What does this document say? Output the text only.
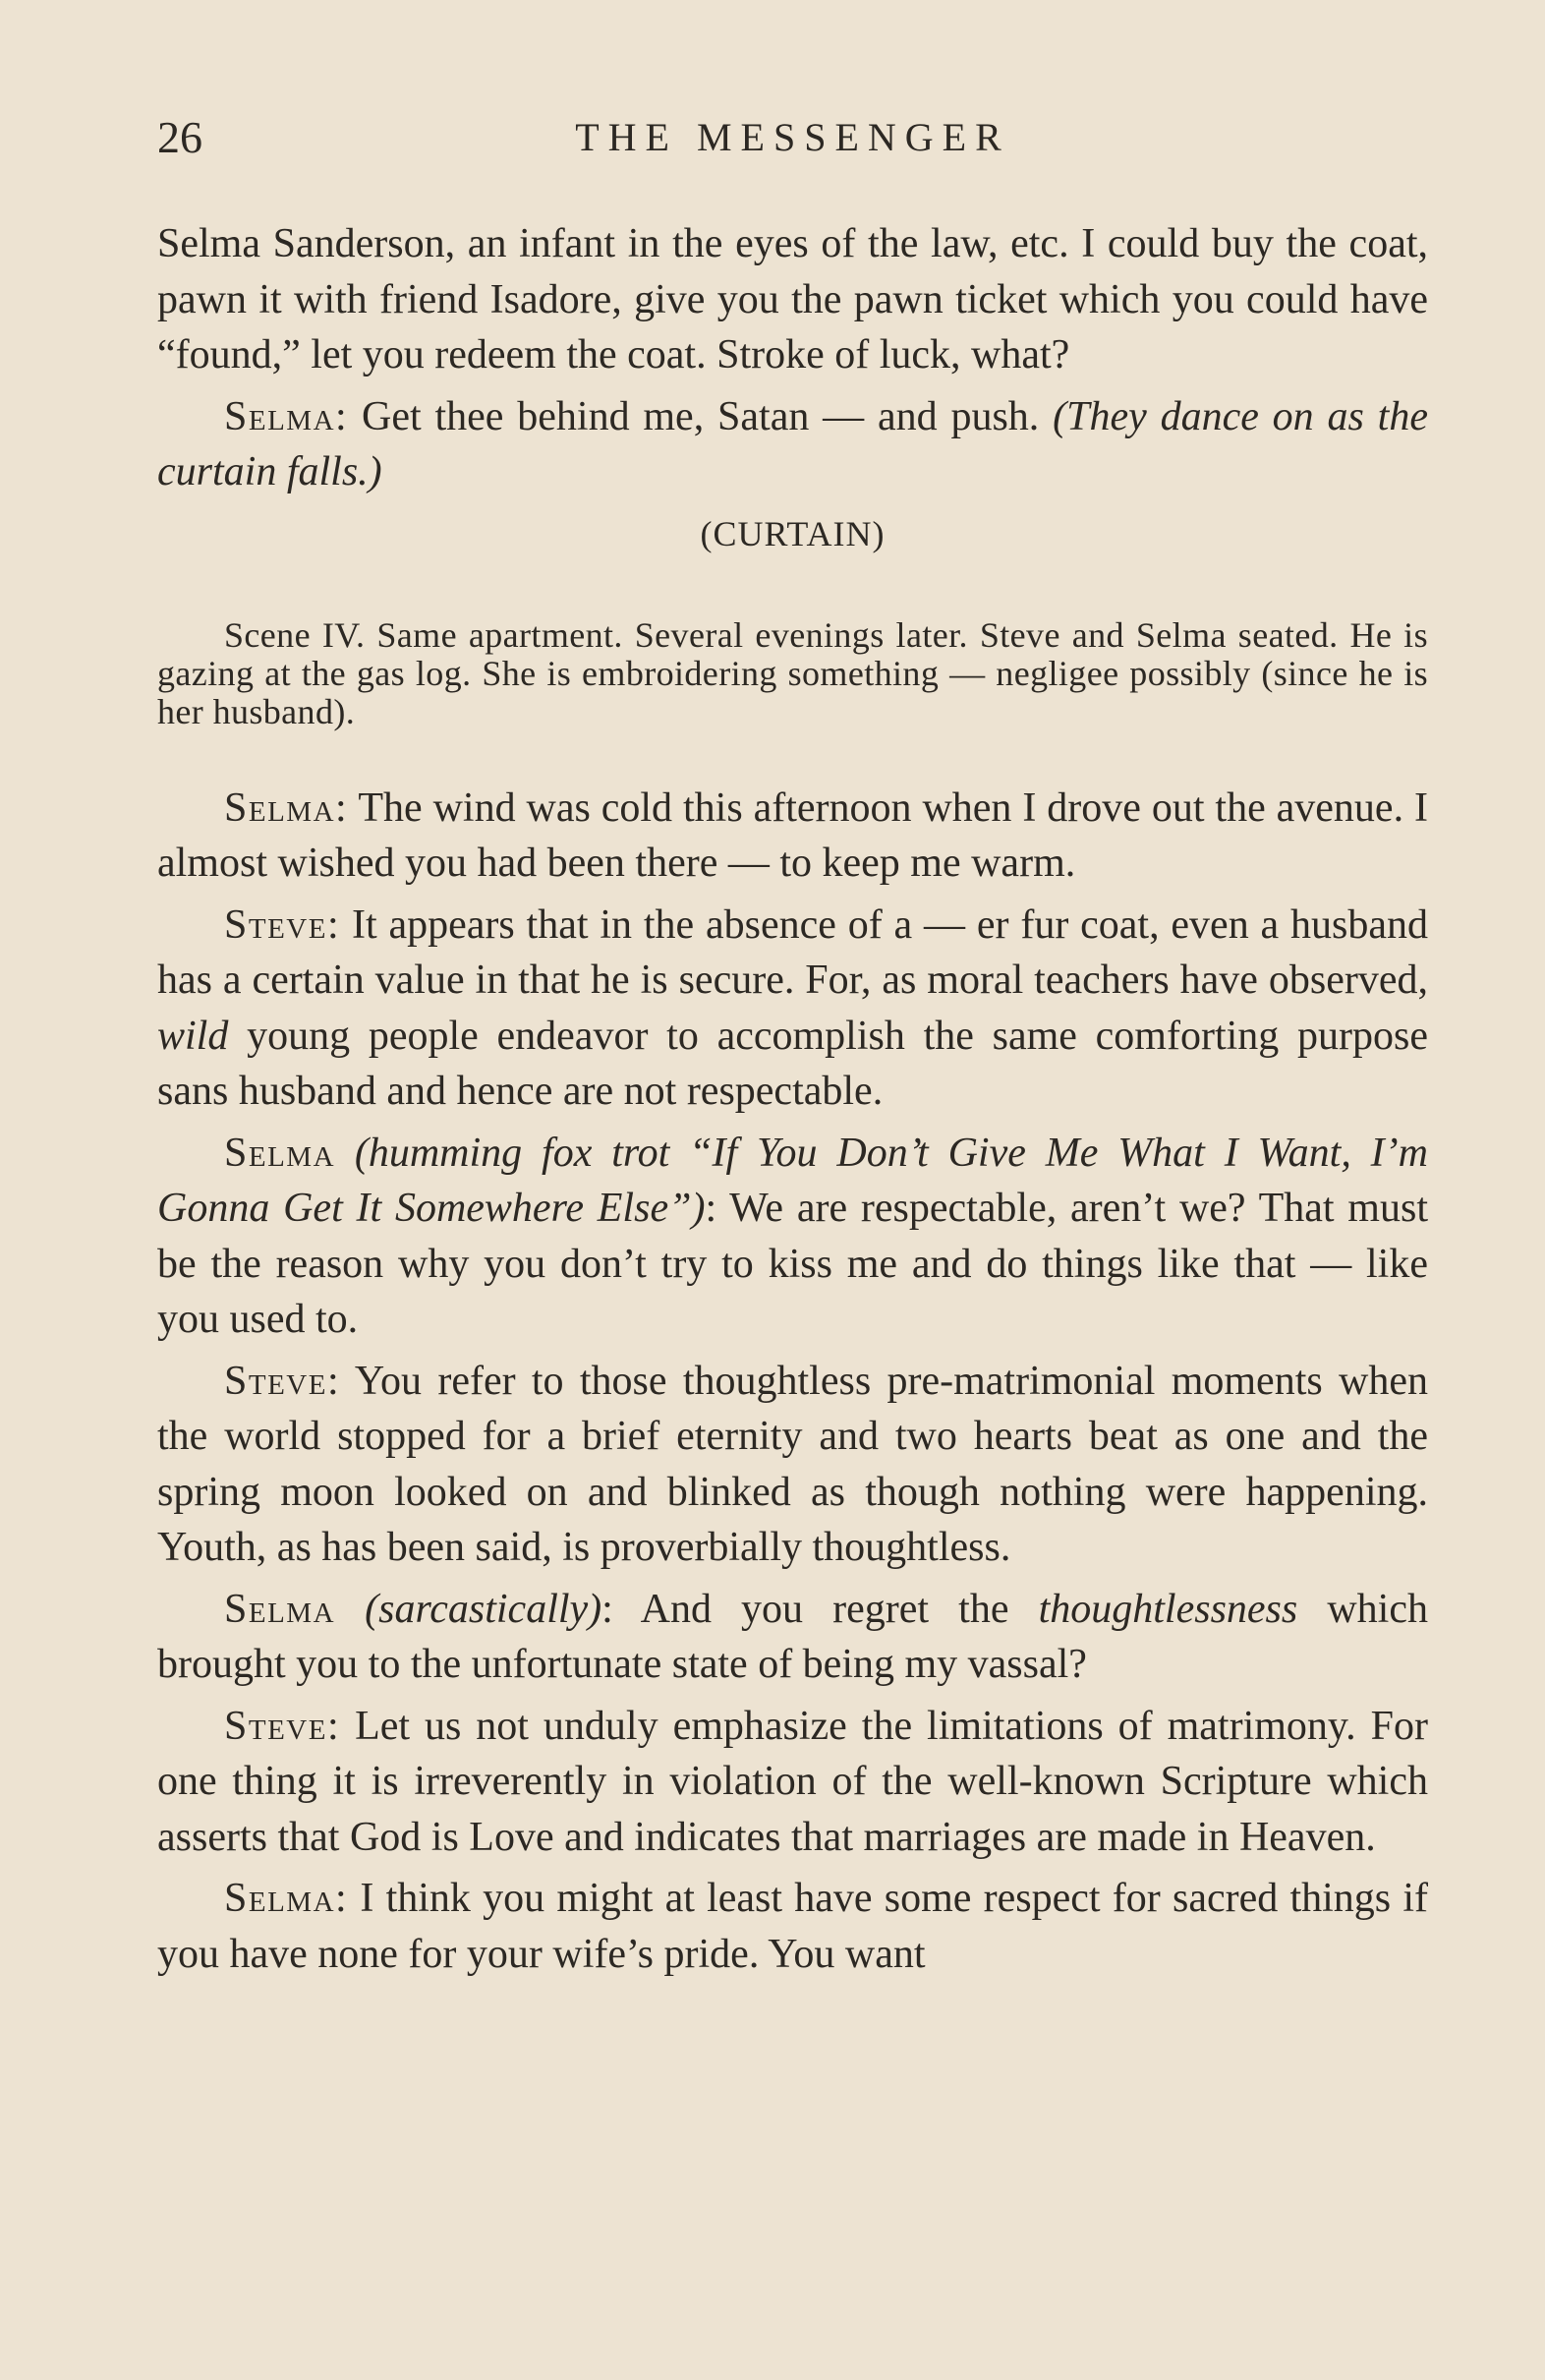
26	THE MESSENGER

Selma Sanderson, an infant in the eyes of the law, etc. I could buy the coat, pawn it with friend Isadore, give you the pawn ticket which you could have “found,” let you redeem the coat. Stroke of luck, what?

Selma: Get thee behind me, Satan — and push. (They dance on as the curtain falls.)

(CURTAIN)

Scene IV. Same apartment. Several evenings later. Steve and Selma seated. He is gazing at the gas log. She is embroidering something — negligee possibly (since he is her husband).

Selma: The wind was cold this afternoon when I drove out the avenue. I almost wished you had been there — to keep me warm.

Steve: It appears that in the absence of a — er fur coat, even a husband has a certain value in that he is secure. For, as moral teachers have observed, wild young people endeavor to accomplish the same comforting purpose sans husband and hence are not respectable.

Selma (humming fox trot “If You Don’t Give Me What I Want, I’m Gonna Get It Somewhere Else”): We are respectable, aren’t we? That must be the reason why you don’t try to kiss me and do things like that — like you used to.

Steve: You refer to those thoughtless pre-matrimonial moments when the world stopped for a brief eternity and two hearts beat as one and the spring moon looked on and blinked as though nothing were happening. Youth, as has been said, is proverbially thoughtless.

Selma (sarcastically): And you regret the thoughtlessness which brought you to the unfortunate state of being my vassal?

Steve: Let us not unduly emphasize the limitations of matrimony. For one thing it is irreverently in violation of the well-known Scripture which asserts that God is Love and indicates that marriages are made in Heaven.

Selma: I think you might at least have some respect for sacred things if you have none for your wife’s pride. You want
